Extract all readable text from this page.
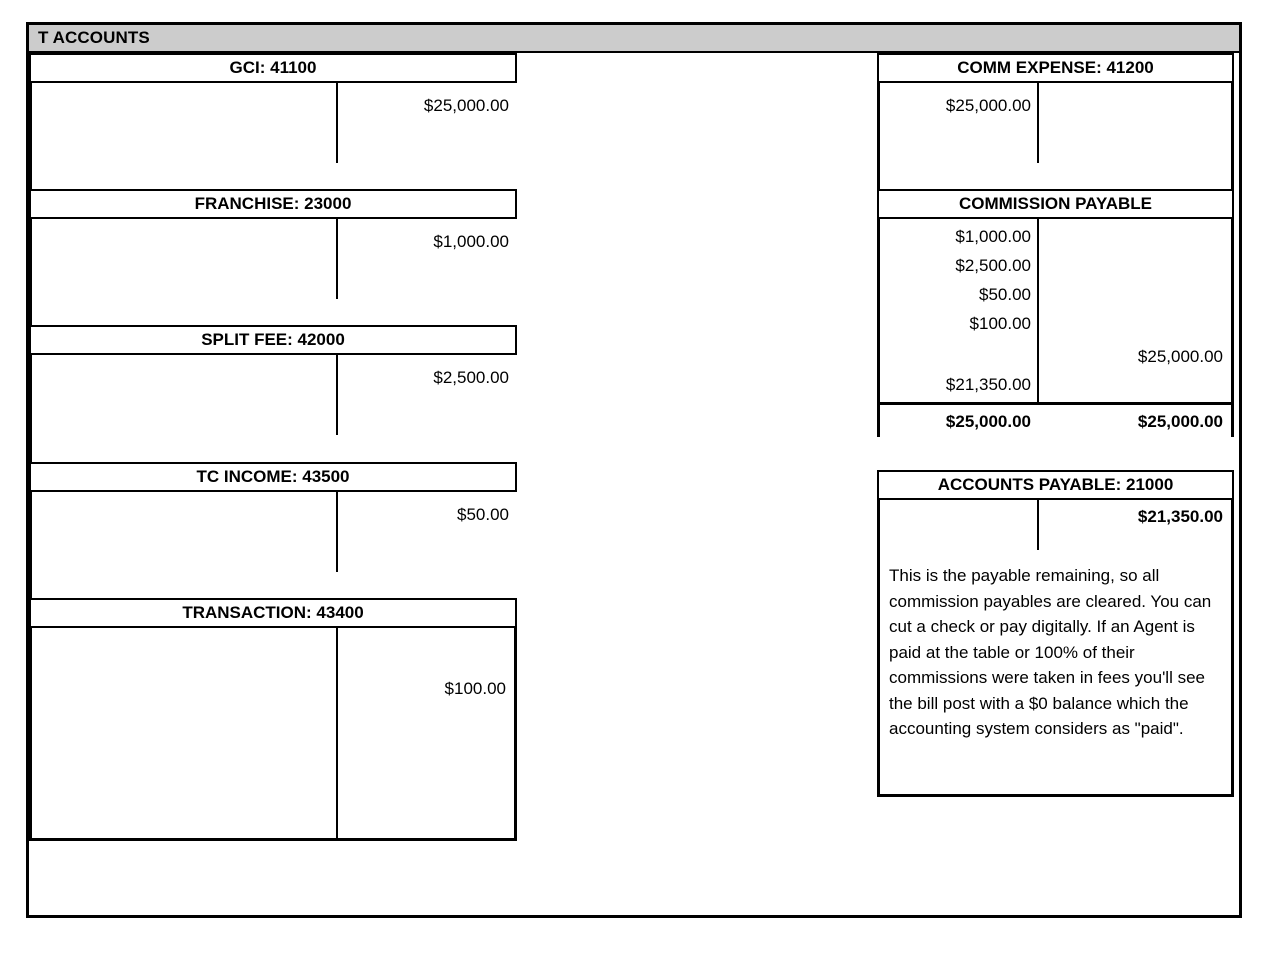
T ACCOUNTS
GCI: 41100
$25,000.00
FRANCHISE: 23000
$1,000.00
SPLIT FEE: 42000
$2,500.00
TC INCOME: 43500
$50.00
TRANSACTION: 43400
$100.00
COMM EXPENSE: 41200
$25,000.00
COMMISSION PAYABLE
$1,000.00
$2,500.00
$50.00
$100.00
$21,350.00
$25,000.00
$25,000.00	$25,000.00
ACCOUNTS PAYABLE: 21000
$21,350.00
This is the payable remaining, so all commission payables are cleared. You can cut a check or pay digitally. If an Agent is paid at the table or 100% of their commissions were taken in fees you'll see the bill post with a $0 balance which the accounting system considers as "paid".
